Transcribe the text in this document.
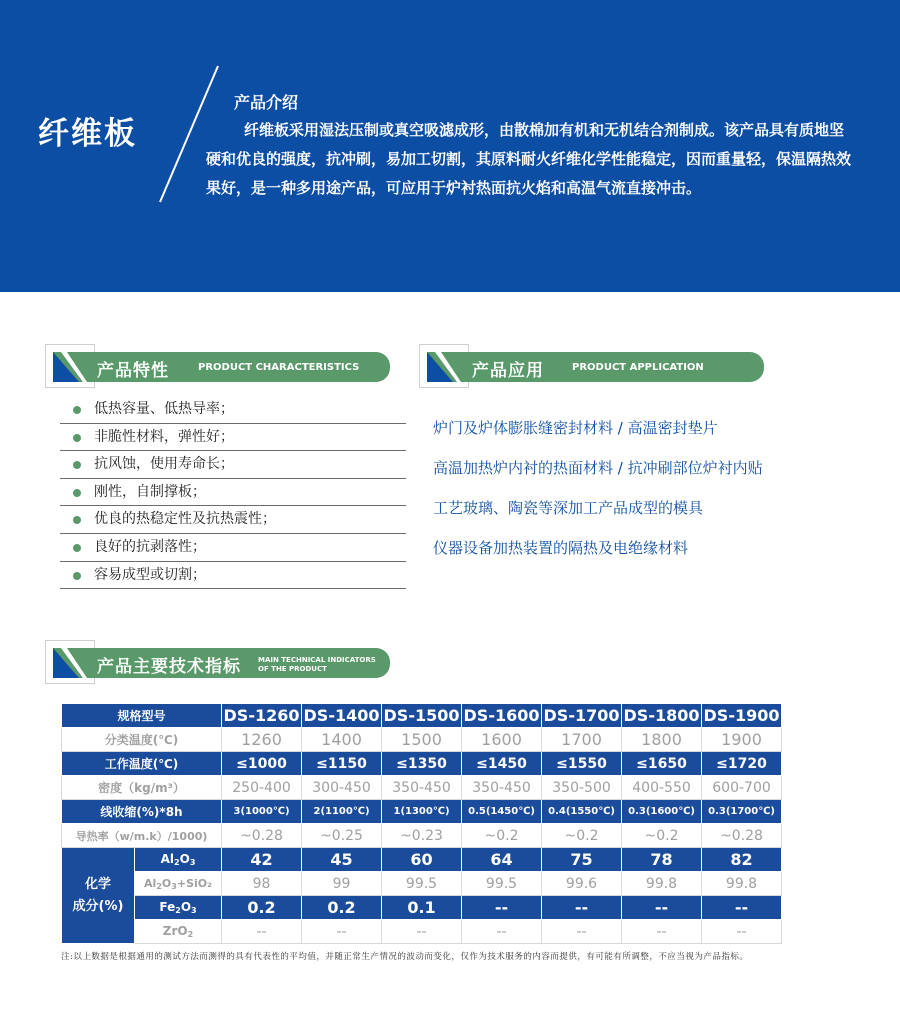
纤维板
产品介绍
纤维板采用湿法压制或真空吸滤成形，由散棉加有机和无机结合剂制成。该产品具有质地坚硬和优良的强度，抗冲刷，易加工切割，其原料耐火纤维化学性能稳定，因而重量轻，保温隔热效果好，是一种多用途产品，可应用于炉衬热面抗火焰和高温气流直接冲击。
产品特性	PRODUCT CHARACTERISTICS	产品应用	PRODUCT APPLICATION
低热容量、低热导率；
非脆性材料，弹性好；
抗风蚀，使用寿命长；
刚性，自制撑板；
优良的热稳定性及抗热震性；
良好的抗剥落性；
容易成型或切割；
炉门及炉体膨胀缝密封材料 / 高温密封垫片
高温加热炉内衬的热面材料 / 抗冲刷部位炉衬内贴
工艺玻璃、陶瓷等深加工产品成型的模具
仪器设备加热装置的隔热及电绝缘材料
产品主要技术指标 MAIN TECHNICAL INDICATORS
OF THE PRODUCT
规格型号		DS-1260	DS-1400	DS-1500	DS-1600	DS-1700	DS-1800	DS-1900
分类温度(℃)		1260	1400	1500	1600	1700	1800	1900
工作温度(℃)		≤1000	≤1150	≤1350	≤1450	≤1550	≤1650	≤1720
密度（kg/m³）		250-400	300-450	350-450	350-450	350-500	400-550	600-700
线收缩(%)*8h		3(1000℃)	2(1100℃)	1(1300℃)	0.5(1450℃)	0.4(1550℃)	0.3(1600℃)	0.3(1700℃)
导热率（w/m.k）/1000)		~0.28	~0.25	~0.23	~0.2	~0.2	~0.2	~0.28

化学
成分(%)	$Al_2O_3$	42	45	60	64	75	78	82
	$Al_2O_3+SiO_2$	98	99	99.5	99.5	99.6	99.8	99.8
	$Fe_2O_3$	0.2	0.2	0.1	--	--	--	--
	ZrO$_2$	--	--	--	--	--	--	--
注:以上数据是根据通用的测试方法而测得的具有代表性的平均值，并随正常生产情况的波动而变化，仅作为技术服务的内容而提供，有可能有所调整，不应当视为产品指标。
